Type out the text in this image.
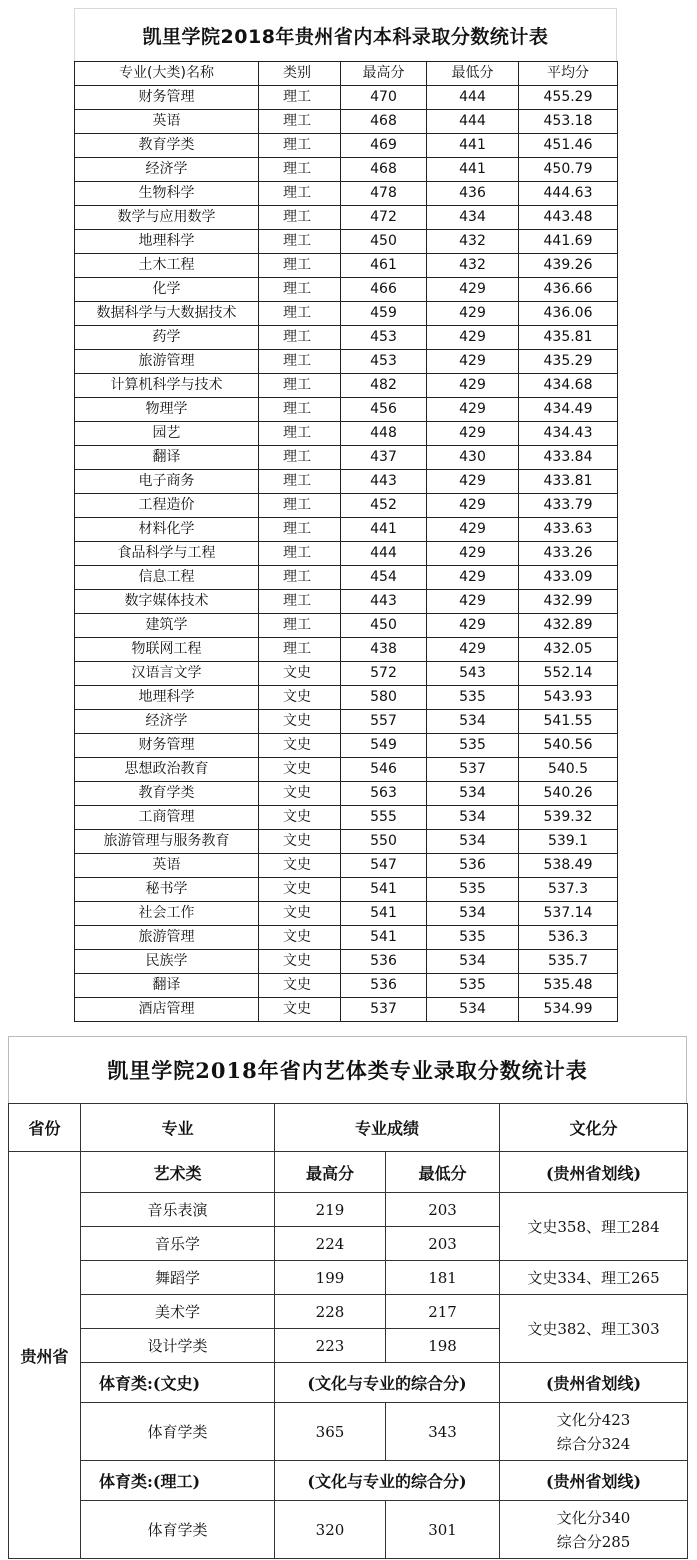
凯里学院2018年贵州省内本科录取分数统计表
专业(大类)名称	类别	最高分	最低分	平均分
财务管理	理工	470	444	455.29
英语	理工	468	444	453.18
教育学类	理工	469	441	451.46
经济学	理工	468	441	450.79
生物科学	理工	478	436	444.63
数学与应用数学	理工	472	434	443.48
地理科学	理工	450	432	441.69
土木工程	理工	461	432	439.26
化学	理工	466	429	436.66
数据科学与大数据技术	理工	459	429	436.06
药学	理工	453	429	435.81
旅游管理	理工	453	429	435.29
计算机科学与技术	理工	482	429	434.68
物理学	理工	456	429	434.49
园艺	理工	448	429	434.43
翻译	理工	437	430	433.84
电子商务	理工	443	429	433.81
工程造价	理工	452	429	433.79
材料化学	理工	441	429	433.63
食品科学与工程	理工	444	429	433.26
信息工程	理工	454	429	433.09
数字媒体技术	理工	443	429	432.99
建筑学	理工	450	429	432.89
物联网工程	理工	438	429	432.05
汉语言文学	文史	572	543	552.14
地理科学	文史	580	535	543.93
经济学	文史	557	534	541.55
财务管理	文史	549	535	540.56
思想政治教育	文史	546	537	540.5
教育学类	文史	563	534	540.26
工商管理	文史	555	534	539.32
旅游管理与服务教育	文史	550	534	539.1
英语	文史	547	536	538.49
秘书学	文史	541	535	537.3
社会工作	文史	541	534	537.14
旅游管理	文史	541	535	536.3
民族学	文史	536	534	535.7
翻译	文史	536	535	535.48
酒店管理	文史	537	534	534.99
凯里学院2018年省内艺体类专业录取分数统计表
省份	专业	专业成绩		文化分
贵州省	艺术类	最高分	最低分	(贵州省划线)
	音乐表演	219	203	文史358、理工284
	音乐学	224	203	
	舞蹈学	199	181	文史334、理工265
	美术学	228	217	文史382、理工303
	设计学类	223	198	
	体育类:(文史)	(文化与专业的综合分)		(贵州省划线)
	体育学类	365	343	文化分423
综合分324

	体育类:(理工)	(文化与专业的综合分)		(贵州省划线)
	体育学类	320	301	文化分340
综合分285
